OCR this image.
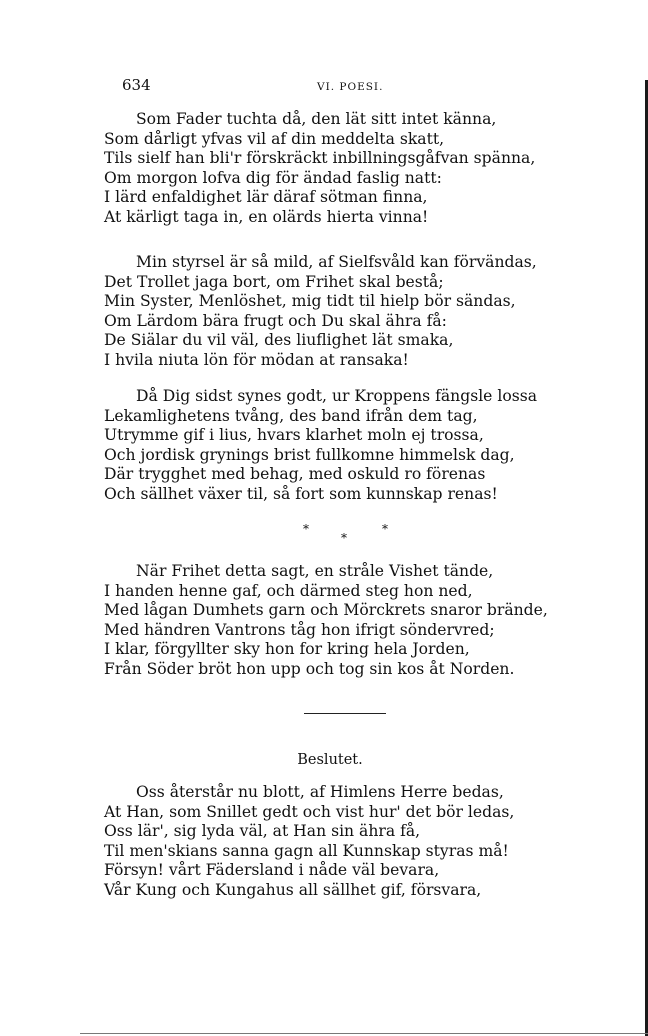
634	VI. POESI.
Som Fader tuchta då, den lät sitt intet känna,
Som dårligt yfvas vil af din meddelta skatt,
Tils sielf han bli'r förskräckt inbillningsgåfvan spänna,
Om morgon lofva dig för ändad faslig natt:
I lärd enfaldighet lär däraf sötman finna,
At kärligt taga in, en olärds hierta vinna!
Min styrsel är så mild, af Sielfsvåld kan förvändas,
Det Trollet jaga bort, om Frihet skal bestå;
Min Syster, Menlöshet, mig tidt til hielp bör sändas,
Om Lärdom bära frugt och Du skal ähra få:
De Siälar du vil väl, des liuflighet lät smaka,
I hvila niuta lön för mödan at ransaka!
Då Dig sidst synes godt, ur Kroppens fängsle lossa
Lekamlighetens tvång, des band ifrån dem tag,
Utrymme gif i lius, hvars klarhet moln ej trossa,
Och jordisk grynings brist fullkomne himmelsk dag,
Där trygghet med behag, med oskuld ro förenas
Och sällhet växer til, så fort som kunnskap renas!
*
*
*
När Frihet detta sagt, en stråle Vishet tände,
I handen henne gaf, och därmed steg hon ned,
Med lågan Dumhets garn och Mörckrets snaror brände,
Med händren Vantrons tåg hon ifrigt söndervred;
I klar, förgyllter sky hon for kring hela Jorden,
Från Söder bröt hon upp och tog sin kos åt Norden.
Beslutet.
Oss återstår nu blott, af Himlens Herre bedas,
At Han, som Snillet gedt och vist hur' det bör ledas,
Oss lär', sig lyda väl, at Han sin ähra få,
Til men'skians sanna gagn all Kunnskap styras må!
Försyn! vårt Fädersland i nåde väl bevara,
Vår Kung och Kungahus all sällhet gif, försvara,
